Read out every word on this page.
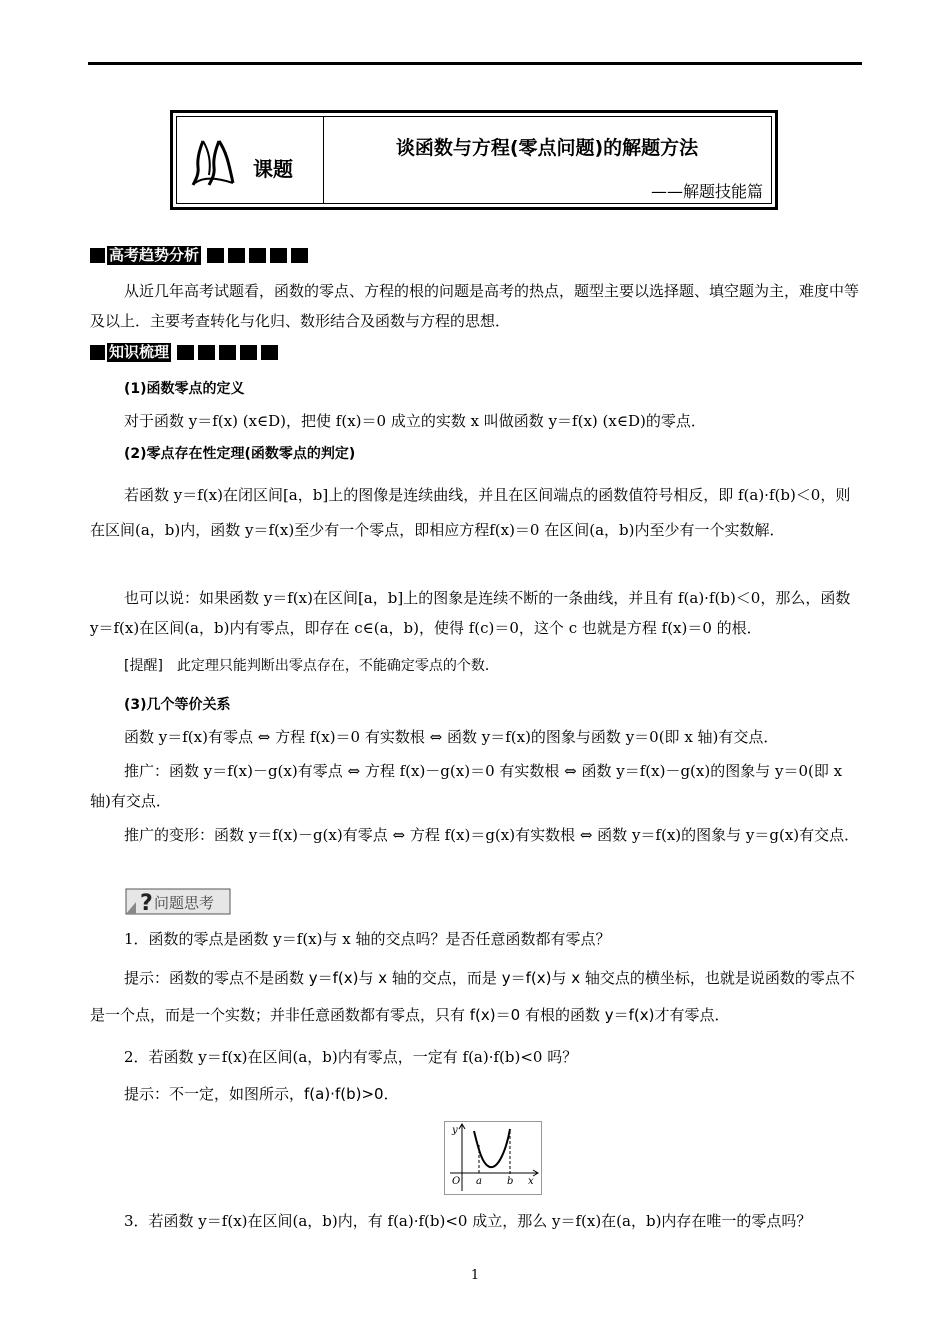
课题
谈函数与方程(零点问题)的解题方法
——解题技能篇
高考趋势分析
从近几年高考试题看，函数的零点、方程的根的问题是高考的热点，题型主要以选择题、填空题为主，难度中等及以上．主要考查转化与化归、数形结合及函数与方程的思想．
知识梳理
(1)函数零点的定义
对于函数 y＝f(x) (x∈D)，把使 f(x)＝0 成立的实数 x 叫做函数 y＝f(x) (x∈D)的零点．
(2)零点存在性定理(函数零点的判定)
若函数 y＝f(x)在闭区间[a，b]上的图像是连续曲线，并且在区间端点的函数值符号相反，即 f(a)·f(b)＜0，则在区间(a，b)内，函数 y＝f(x)至少有一个零点，即相应方程f(x)＝0 在区间(a，b)内至少有一个实数解．
也可以说：如果函数 y＝f(x)在区间[a，b]上的图象是连续不断的一条曲线，并且有 f(a)·f(b)＜0，那么，函数 y＝f(x)在区间(a，b)内有零点，即存在 c∈(a，b)，使得 f(c)＝0，这个 c 也就是方程 f(x)＝0 的根．
[提醒]　此定理只能判断出零点存在，不能确定零点的个数．
(3)几个等价关系
函数 y＝f(x)有零点 ⇔ 方程 f(x)＝0 有实数根 ⇔ 函数 y＝f(x)的图象与函数 y＝0(即 x 轴)有交点．
推广：函数 y＝f(x)－g(x)有零点 ⇔ 方程 f(x)－g(x)＝0 有实数根 ⇔ 函数 y＝f(x)－g(x)的图象与 y＝0(即 x 轴)有交点．
推广的变形：函数 y＝f(x)－g(x)有零点 ⇔ 方程 f(x)＝g(x)有实数根 ⇔ 函数 y＝f(x)的图象与 y＝g(x)有交点．
? 问题思考
1．函数的零点是函数 y＝f(x)与 x 轴的交点吗？是否任意函数都有零点？
提示：函数的零点不是函数 y＝f(x)与 x 轴的交点，而是 y＝f(x)与 x 轴交点的横坐标，也就是说函数的零点不是一个点，而是一个实数；并非任意函数都有零点，只有 f(x)＝0 有根的函数 y＝f(x)才有零点．
2．若函数 y＝f(x)在区间(a，b)内有零点，一定有 f(a)·f(b)<0 吗？
提示：不一定，如图所示，f(a)·f(b)>0．
y
O a	b x
3．若函数 y＝f(x)在区间(a，b)内，有 f(a)·f(b)<0 成立，那么 y＝f(x)在(a，b)内存在唯一的零点吗？
1
